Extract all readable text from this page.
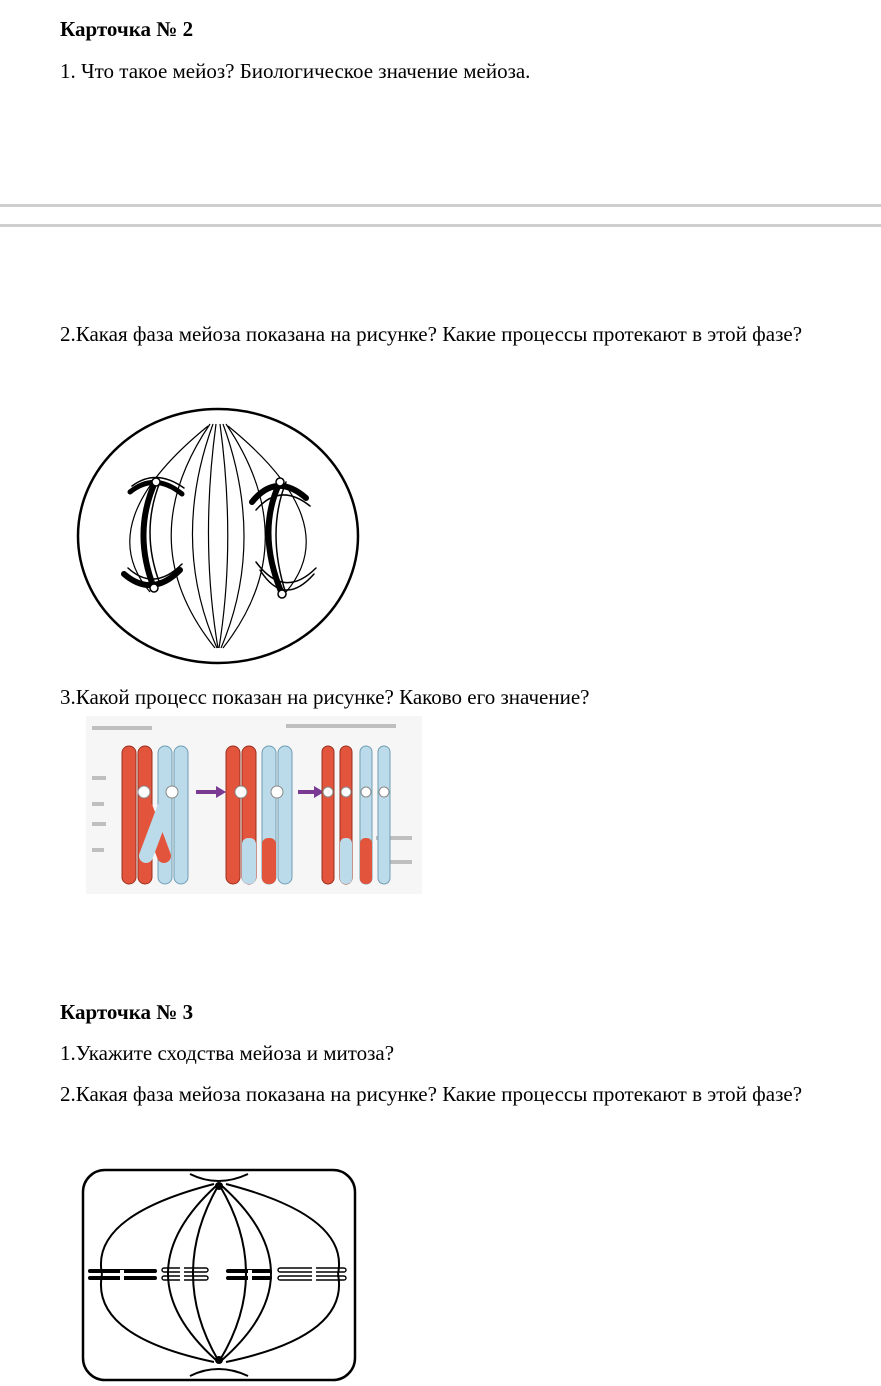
Карточка № 2
1. Что такое мейоз? Биологическое значение мейоза.
2.Какая фаза мейоза показана на рисунке? Какие процессы протекают в этой фазе?
3.Какой процесс показан на рисунке? Каково его значение?
Карточка № 3
1.Укажите сходства мейоза и митоза?
2.Какая фаза мейоза показана на рисунке? Какие процессы протекают в этой фазе?
